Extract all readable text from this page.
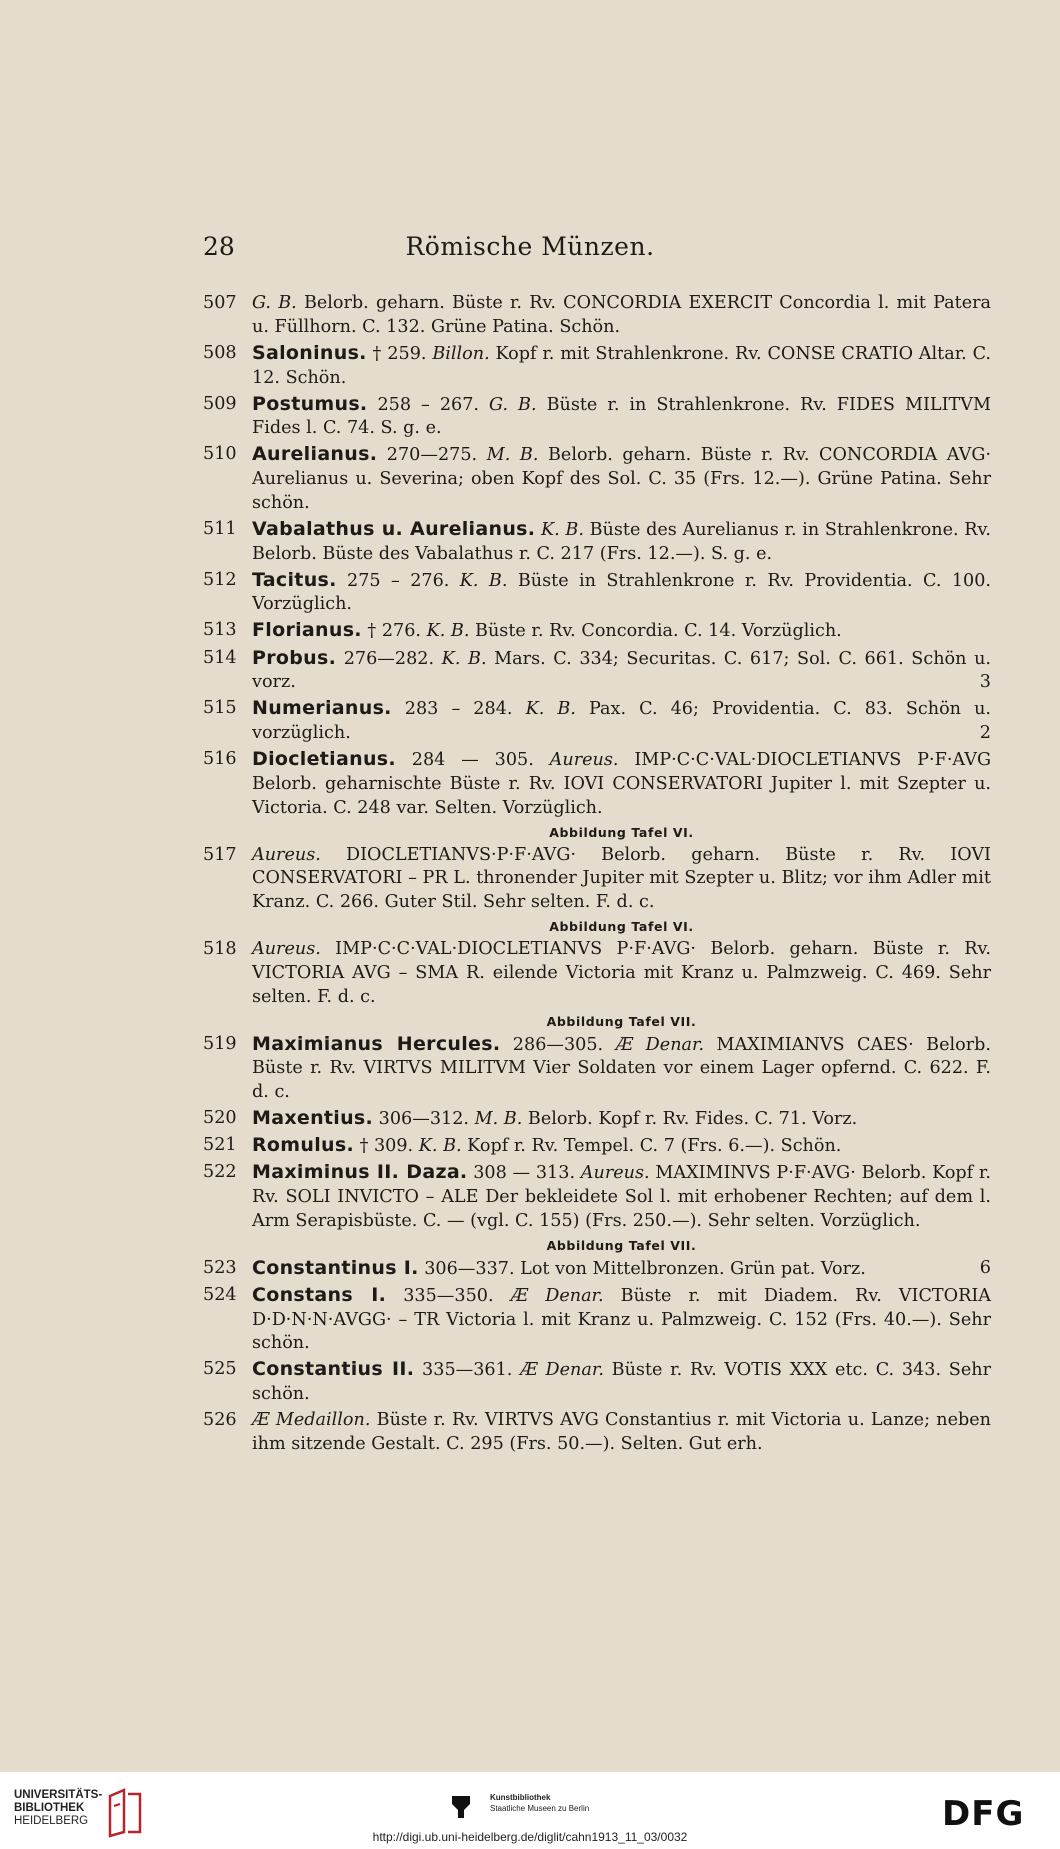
28	Römische Münzen.
507 G. B. Belorb. geharn. Büste r. Rv. CONCORDIA EXERCIT Concordia l. mit Patera u. Füllhorn. C. 132. Grüne Patina. Schön.
508 Saloninus. † 259. Billon. Kopf r. mit Strahlenkrone. Rv. CONSE CRATIO Altar. C. 12. Schön.
509 Postumus. 258 – 267. G. B. Büste r. in Strahlenkrone. Rv. FIDES MILITVM Fides l. C. 74. S. g. e.
510 Aurelianus. 270—275. M. B. Belorb. geharn. Büste r. Rv. CONCORDIA AVG· Aurelianus u. Severina; oben Kopf des Sol. C. 35 (Frs. 12.—). Grüne Patina. Sehr schön.
511 Vabalathus u. Aurelianus. K. B. Büste des Aurelianus r. in Strahlenkrone. Rv. Belorb. Büste des Vabalathus r. C. 217 (Frs. 12.—). S. g. e.
512 Tacitus. 275 – 276. K. B. Büste in Strahlenkrone r. Rv. Providentia. C. 100. Vorzüglich.
513 Florianus. † 276. K. B. Büste r. Rv. Concordia. C. 14. Vorzüglich.
514 Probus. 276—282. K. B. Mars. C. 334; Securitas. C. 617; Sol. C. 661. Schön u. vorz.	3
515 Numerianus. 283 – 284. K. B. Pax. C. 46; Providentia. C. 83. Schön u. vorzüglich.	2
516 Diocletianus. 284 — 305. Aureus. IMP·C·C·VAL·DIOCLETIANVS P·F·AVG Belorb. geharnischte Büste r. Rv. IOVI CONSERVATORI Jupiter l. mit Szepter u. Victoria. C. 248 var. Selten. Vorzüglich.
Abbildung Tafel VI.
517 Aureus. DIOCLETIANVS·P·F·AVG· Belorb. geharn. Büste r. Rv. IOVI CONSERVATORI – PR L. thronender Jupiter mit Szepter u. Blitz; vor ihm Adler mit Kranz. C. 266. Guter Stil. Sehr selten. F. d. c.
Abbildung Tafel VI.
518 Aureus. IMP·C·C·VAL·DIOCLETIANVS P·F·AVG· Belorb. geharn. Büste r. Rv. VICTORIA AVG – SMA R. eilende Victoria mit Kranz u. Palmzweig. C. 469. Sehr selten. F. d. c.
Abbildung Tafel VII.
519 Maximianus Hercules. 286—305. Æ Denar. MAXIMIANVS CAES· Belorb. Büste r. Rv. VIRTVS MILITVM Vier Soldaten vor einem Lager opfernd. C. 622. F. d. c.
520 Maxentius. 306—312. M. B. Belorb. Kopf r. Rv. Fides. C. 71. Vorz.
521 Romulus. † 309. K. B. Kopf r. Rv. Tempel. C. 7 (Frs. 6.—). Schön.
522 Maximinus II. Daza. 308 — 313. Aureus. MAXIMINVS P·F·AVG· Belorb. Kopf r. Rv. SOLI INVICTO – ALE Der bekleidete Sol l. mit erhobener Rechten; auf dem l. Arm Serapisbüste. C. — (vgl. C. 155) (Frs. 250.—). Sehr selten. Vorzüglich.
Abbildung Tafel VII.
523 Constantinus I. 306—337. Lot von Mittelbronzen. Grün pat. Vorz.	6
524 Constans I. 335—350. Æ Denar. Büste r. mit Diadem. Rv. VICTORIA D·D·N·N·AVGG· – TR Victoria l. mit Kranz u. Palmzweig. C. 152 (Frs. 40.—). Sehr schön.
525 Constantius II. 335—361. Æ Denar. Büste r. Rv. VOTIS XXX etc. C. 343. Sehr schön.
526 Æ Medaillon. Büste r. Rv. VIRTVS AVG Constantius r. mit Victoria u. Lanze; neben ihm sitzende Gestalt. C. 295 (Frs. 50.—). Selten. Gut erh.
UNIVERSITÄTS-
BIBLIOTHEK
HEIDELBERG
Kunstbibliothek
Staatliche Museen zu Berlin	DFG
http://digi.ub.uni-heidelberg.de/diglit/cahn1913_11_03/0032
